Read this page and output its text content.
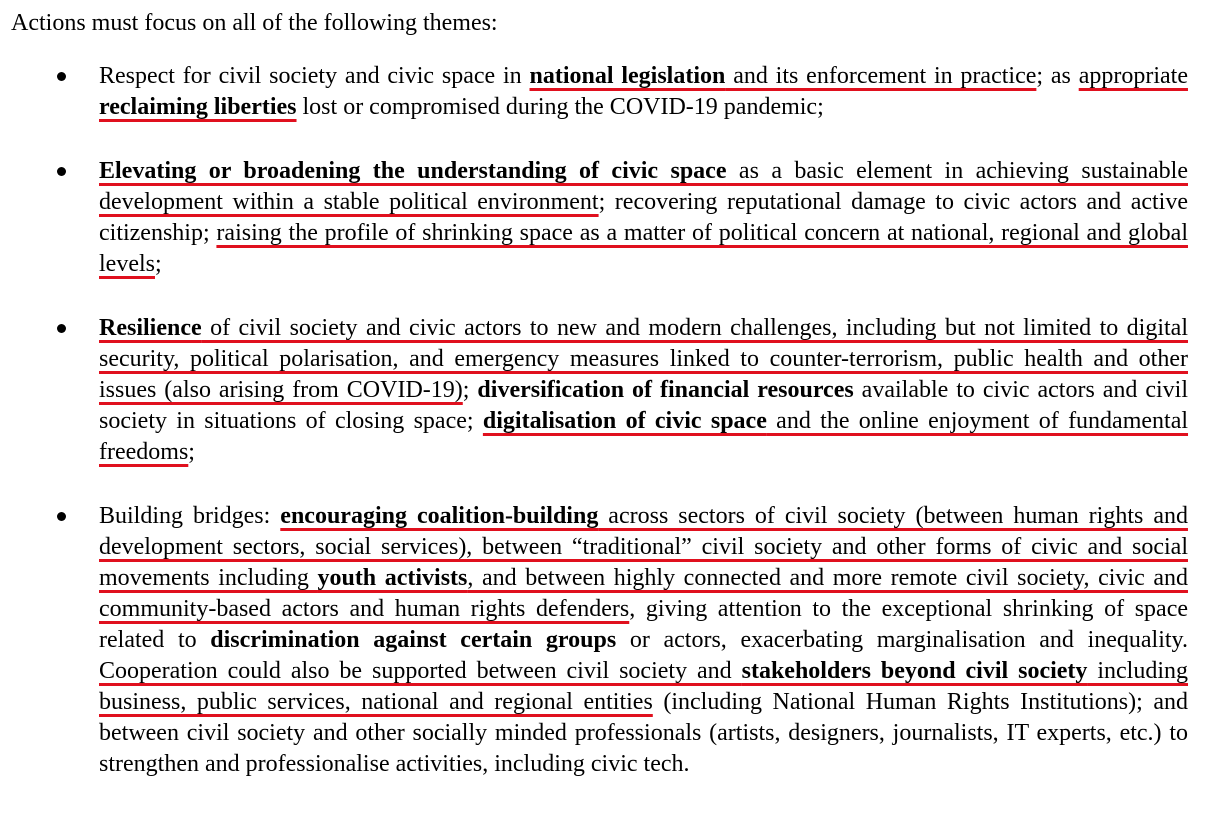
Actions must focus on all of the following themes:

Respect for civil society and civic space in national legislation and its enforcement in practice; as appropriate reclaiming liberties lost or compromised during the COVID-19 pandemic;
Elevating or broadening the understanding of civic space as a basic element in achieving sustainable development within a stable political environment; recovering reputational damage to civic actors and active citizenship; raising the profile of shrinking space as a matter of political concern at national, regional and global levels;
Resilience of civil society and civic actors to new and modern challenges, including but not limited to digital security, political polarisation, and emergency measures linked to counter-terrorism, public health and other issues (also arising from COVID-19); diversification of financial resources available to civic actors and civil society in situations of closing space; digitalisation of civic space and the online enjoyment of fundamental freedoms;
Building bridges: encouraging coalition-building across sectors of civil society (between human rights and development sectors, social services), between “traditional” civil society and other forms of civic and social movements including youth activists, and between highly connected and more remote civil society, civic and community-based actors and human rights defenders, giving attention to the exceptional shrinking of space related to discrimination against certain groups or actors, exacerbating marginalisation and inequality. Cooperation could also be supported between civil society and stakeholders beyond civil society including business, public services, national and regional entities (including National Human Rights Institutions); and between civil society and other socially minded professionals (artists, designers, journalists, IT experts, etc.) to strengthen and professionalise activities, including civic tech.
